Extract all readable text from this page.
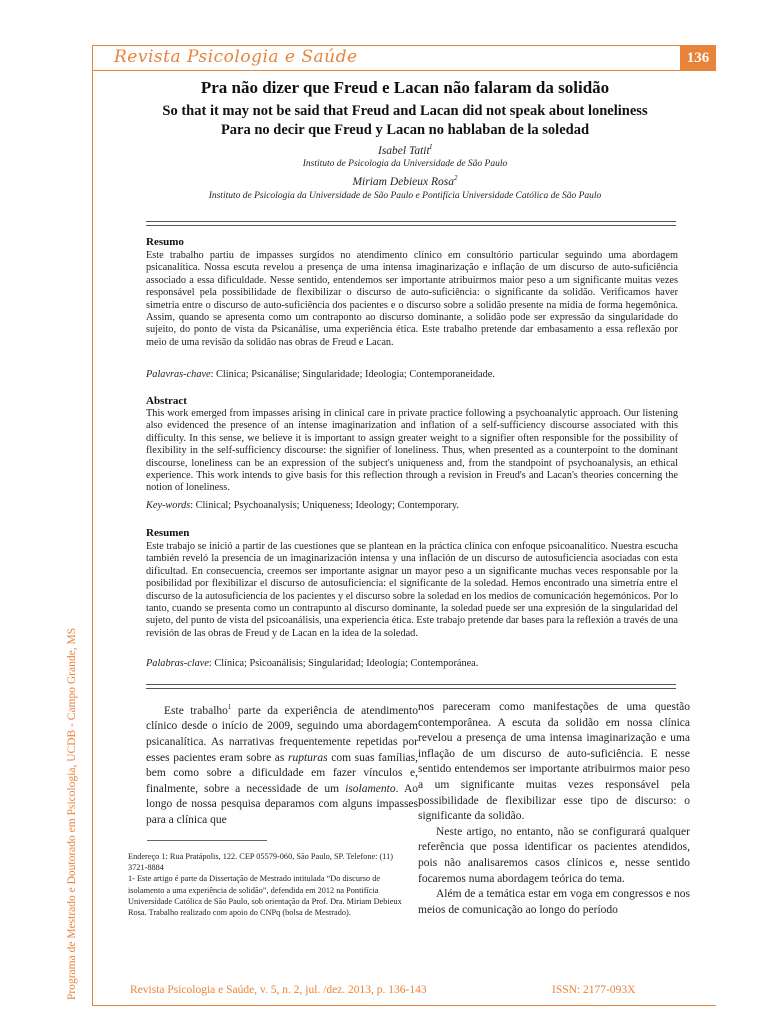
Revista Psicologia e Saúde	136
Programa de Mestrado e Doutorado em Psicologia, UCDB - Campo Grande, MS
Pra não dizer que Freud e Lacan não falaram da solidão
So that it may not be said that Freud and Lacan did not speak about loneliness
Para no decir que Freud y Lacan no hablaban de la soledad
Isabel Tatit$^I$
Instituto de Psicologia da Universidade de São Paulo
Miriam Debieux Rosa$^2$
Instituto de Psicologia da Universidade de São Paulo e Pontifícia Universidade Católica de São Paulo
Resumo

Este trabalho partiu de impasses surgidos no atendimento clínico em consultório particular seguindo uma abordagem psicanalítica. Nossa escuta revelou a presença de uma intensa imaginarização e inflação de um discurso de auto-suficiência associado a essa dificuldade. Nesse sentido, entendemos ser importante atribuirmos maior peso a um significante muitas vezes responsável pela possibilidade de flexibilizar o discurso de auto-suficiência: o significante da solidão. Verificamos haver simetria entre o discurso de auto-suficiência dos pacientes e o discurso sobre a solidão presente na mídia de forma hegemônica. Assim, quando se apresenta como um contraponto ao discurso dominante, a solidão pode ser expressão da singularidade do sujeito, do ponto de vista da Psicanálise, uma experiência ética. Este trabalho pretende dar embasamento a essa reflexão por meio de uma revisão da solidão nas obras de Freud e Lacan.

Palavras-chave: Clínica; Psicanálise; Singularidade; Ideologia; Contemporaneidade.
Abstract

This work emerged from impasses arising in clinical care in private practice following a psychoanalytic approach. Our listening also evidenced the presence of an intense imaginarization and inflation of a self-sufficiency discourse associated with this difficulty. In this sense, we believe it is important to assign greater weight to a signifier often responsible for the possibility of flexibility in the self-sufficiency discourse: the signifier of loneliness. Thus, when presented as a counterpoint to the dominant discourse, loneliness can be an expression of the subject's uniqueness and, from the standpoint of psychoanalysis, an ethical experience. This work intends to give basis for this reflection through a revision in Freud's and Lacan's theories concerning the notion of loneliness.

Key-words: Clinical; Psychoanalysis; Uniqueness; Ideology; Contemporary.
Resumen

Este trabajo se inició a partir de las cuestiones que se plantean en la práctica clínica con enfoque psicoanalítico. Nuestra escucha también reveló la presencia de un imaginarización intensa y una inflación de un discurso de autosuficiencia asociadas con esta dificultad. En consecuencia, creemos ser importante asignar un mayor peso a un significante muchas veces responsable por la posibilidad por flexibilizar el discurso de autosuficiencia: el significante de la soledad. Hemos encontrado una simetría entre el discurso de la autosuficiencia de los pacientes y el discurso sobre la soledad en los medios de comunicación hegemónicos. Por lo tanto, cuando se presenta como un contrapunto al discurso dominante, la soledad puede ser una expresión de la singularidad del sujeto, del punto de vista del psicoanálisis, una experiencia ética. Este trabajo pretende dar bases para la reflexión a través de una revisión de las obras de Freud y de Lacan en la idea de la soledad.

Palabras-clave: Clínica; Psicoanálisis; Singularidad; Ideología; Contemporánea.

Este trabalho$^1$ parte da experiência de atendimento clínico desde o início de 2009, seguindo uma abordagem psicanalítica. As narrativas frequentemente repetidas por esses pacientes eram sobre as rupturas com suas famílias, bem como sobre a dificuldade em fazer vínculos e, finalmente, sobre a necessidade de um isolamento. Ao longo de nossa pesquisa deparamos com alguns impasses para a clínica que

nos pareceram como manifestações de uma questão contemporânea. A escuta da solidão em nossa clínica revelou a presença de uma intensa imaginarização e uma inflação de um discurso de auto-suficiência. E nesse sentido entendemos ser importante atribuirmos maior peso a um significante muitas vezes responsável pela possibilidade de flexibilizar esse tipo de discurso: o significante da solidão.

Neste artigo, no entanto, não se configurará qualquer referência que possa identificar os pacientes atendidos, pois não analisaremos casos clínicos e, nesse sentido focaremos numa abordagem teórica do tema.

Além de a temática estar em voga em congressos e nos meios de comunicação ao longo do período

Endereço 1: Rua Pratápolis, 122. CEP 05579-060, São Paulo, SP. Telefone: (11) 3721-8884

1- Este artigo é parte da Dissertação de Mestrado intitulada “Do discurso de isolamento a uma experiência de solidão”, defendida em 2012 na Pontifícia Universidade Católica de São Paulo, sob orientação da Prof. Dra. Miriam Debieux Rosa. Trabalho realizado com apoio do CNPq (bolsa de Mestrado).

Revista Psicologia e Saúde, v. 5, n. 2, jul. /dez. 2013, p. 136-143	ISSN: 2177-093X
